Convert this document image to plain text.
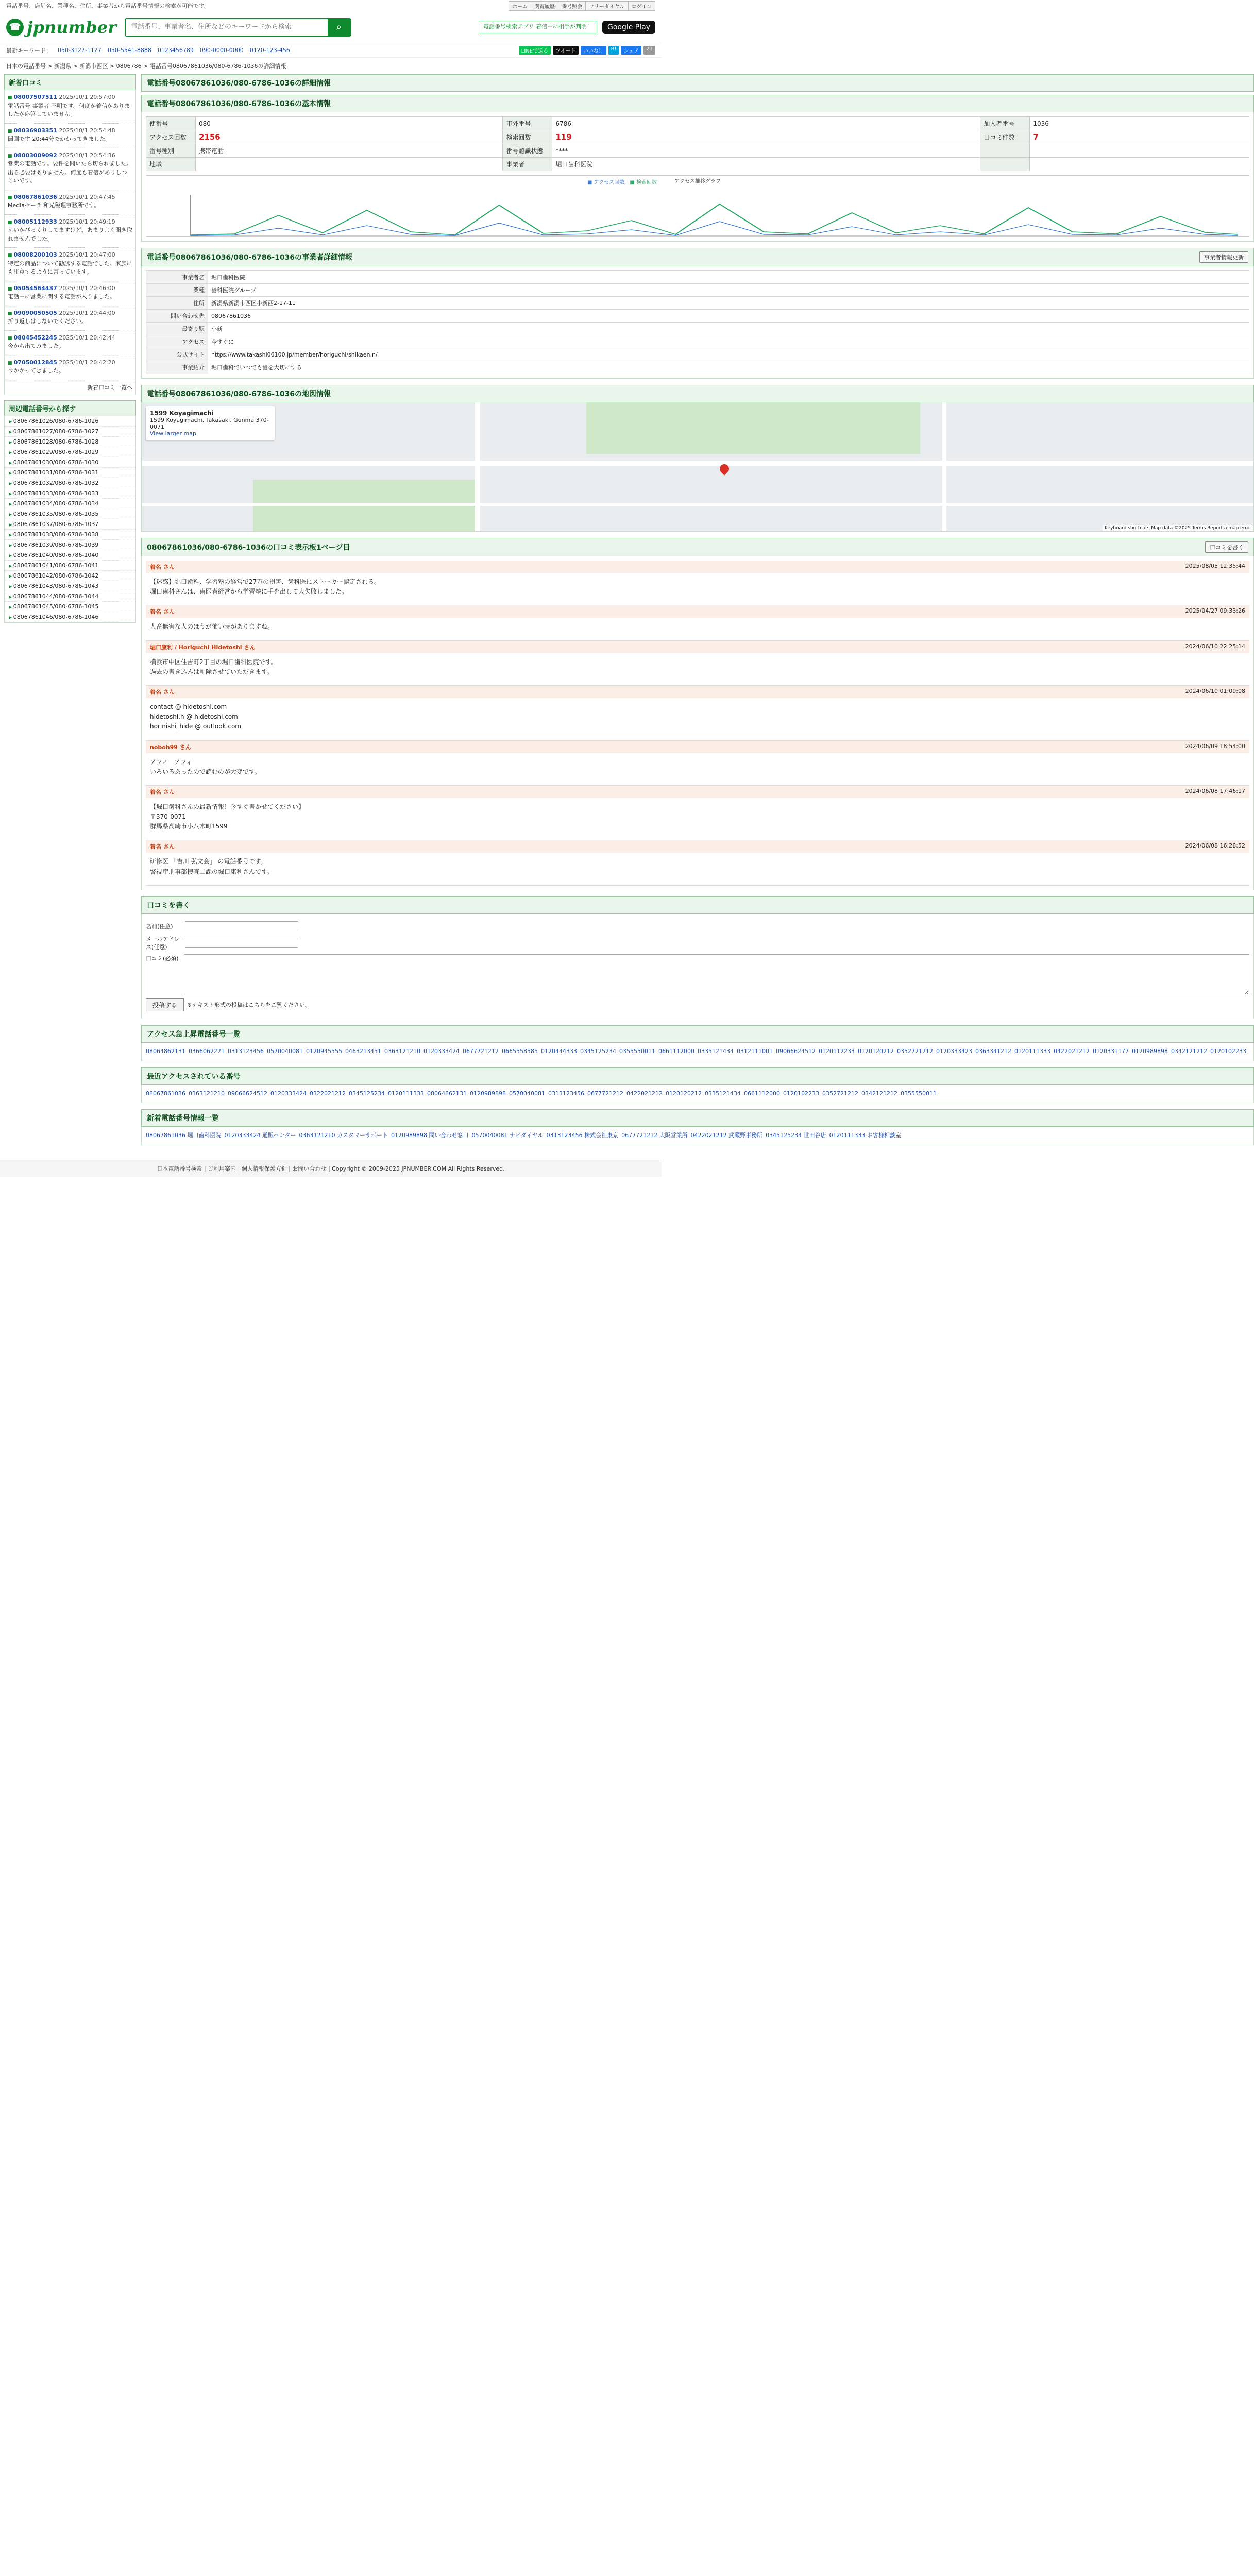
電話番号、店舗名、業種名、住所、事業者から電話番号情報の検索が可能です。	ホーム	閲覧履歴	番号照会	フリーダイヤル	ログイン
☎ jpnumber
電話番号、事業者名、住所などのキーワードから検索	⌕	電話番号検索アプリ 着信中に相手が判明！	Google Play
最新キーワード： 050-3127-1127 050-5541-8888 0123456789 090-0000-0000 0120-123-456	LINEで送る	ツイート	いいね！	B!	シェア	21
日本の電話番号 > 新潟県 > 新潟市西区 > 0806786 > 電話番号08067861036/080-6786-1036の詳細情報
新着口コミ
■ 08007507511 2025/10/1 20:57:00
電話番号 事業者 不明です。何度か着信がありましたが応答していません。
■ 08036903351 2025/10/1 20:54:48
闇回です 20:44分でかかってきました。
■ 08003009092 2025/10/1 20:54:36
営業の電話です。要件を聞いたら切られました。出る必要はありません。何度も着信がありしつこいです。
■ 08067861036 2025/10/1 20:47:45
Mediaセーラ 和光税理事務所です。
■ 08005112933 2025/10/1 20:49:19
えいかびっくりしてますけど、あまりよく聞き取れませんでした。
■ 08008200103 2025/10/1 20:47:00
特定の商品について勧誘する電話でした。家族にも注意するように言っています。
■ 05054564437 2025/10/1 20:46:00
電話中に営業に関する電話が入りました。
■ 09090050505 2025/10/1 20:44:00
折り返しはしないでください。
■ 08045452245 2025/10/1 20:42:44
今から出てみました。
■ 07050012845 2025/10/1 20:42:20
今かかってきました。
新着口コミ一覧へ
周辺電話番号から探す
▶ 08067861026/080-6786-1026
▶ 08067861027/080-6786-1027
▶ 08067861028/080-6786-1028
▶ 08067861029/080-6786-1029
▶ 08067861030/080-6786-1030
▶ 08067861031/080-6786-1031
▶ 08067861032/080-6786-1032
▶ 08067861033/080-6786-1033
▶ 08067861034/080-6786-1034
▶ 08067861035/080-6786-1035
▶ 08067861037/080-6786-1037
▶ 08067861038/080-6786-1038
▶ 08067861039/080-6786-1039
▶ 08067861040/080-6786-1040
▶ 08067861041/080-6786-1041
▶ 08067861042/080-6786-1042
▶ 08067861043/080-6786-1043
▶ 08067861044/080-6786-1044
▶ 08067861045/080-6786-1045
▶ 08067861046/080-6786-1046
電話番号08067861036/080-6786-1036の詳細情報
電話番号08067861036/080-6786-1036の基本情報
使番号	080	市外番号	6786	加入者番号	1036
アクセス回数	2156	検索回数	119	口コミ件数	7
番号種別	携帯電話	番号認識状態	****		
地域		事業者	堀口歯科医院		
アクセス推移グラフ
■ アクセス回数	■ 検索回数
電話番号08067861036/080-6786-1036の事業者詳細情報	事業者情報更新
事業者名	堀口歯科医院
業種	歯科医院グループ
住所	新潟県新潟市西区小新西2-17-11
問い合わせ先	08067861036
最寄り駅	小新
アクセス	今すぐに
公式サイト	https://www.takashi06100.jp/member/horiguchi/shikaen.n/
事業紹介	堀口歯科でいつでも歯を大切にする
電話番号08067861036/080-6786-1036の地図情報
1599 Koyagimachi
1599 Koyagimachi, Takasaki, Gunma 370-0071
View larger map
Keyboard shortcuts Map data ©2025 Terms Report a map error
08067861036/080-6786-1036の口コミ表示板1ページ目	口コミを書く
着名 さん	2025/08/05 12:35:44
【迷惑】堀口歯科、学習塾の経営で27万の損害、歯科医にストーカー認定される。
堀口歯科さんは、歯医者経営から学習塾に手を出して大失敗しました。
着名 さん	2025/04/27 09:33:26
人畜無害な人のほうが怖い時がありますね。
堀口康利 / Horiguchi Hidetoshi さん	2024/06/10 22:25:14
横浜市中区住吉町2丁目の堀口歯科医院です。
過去の書き込みは削除させていただきます。
着名 さん	2024/06/10 01:09:08
contact @ hidetoshi.com
hidetoshi.h @ hidetoshi.com
horinishi_hide @ outlook.com
noboh99 さん	2024/06/09 18:54:00
アフィ　アフィ
いろいろあったので読むのが大変です。
着名 さん	2024/06/08 17:46:17
【堀口歯科さんの最新情報！今すぐ書かせてください】
〒370-0071
群馬県高崎市小八木町1599
着名 さん	2024/06/08 16:28:52
研修医 「吉川 弘文会」 の電話番号です。
警視庁刑事部捜査二課の堀口康利さんです。
口コミを書く
名前(任意)
メールアドレス(任意)
口コミ(必須)
投稿する	※テキスト形式の投稿はこちらをご覧ください。
アクセス急上昇電話番号一覧
08064862131 0366062221 0313123456 0570040081 0120945555 0463213451 0363121210 0120333424 0677721212 0665558585 0120444333 0345125234 0355550011 0661112000 0335121434 0312111001 09066624512 0120112233 0120120212 0352721212 0120333423 0363341212 0120111333 0422021212 0120331177 0120989898 0342121212 0120102233
最近アクセスされている番号
08067861036 0363121210 09066624512 0120333424 0322021212 0345125234 0120111333 08064862131 0120989898 0570040081 0313123456 0677721212 0422021212 0120120212 0335121434 0661112000 0120102233 0352721212 0342121212 0355550011
新着電話番号情報一覧
08067861036 堀口歯科医院 0120333424 通販センター 0363121210 カスタマーサポート 0120989898 問い合わせ窓口 0570040081 ナビダイヤル 0313123456 株式会社東京 0677721212 大阪営業所 0422021212 武蔵野事務所 0345125234 世田谷店 0120111333 お客様相談室
日本電話番号検索 | ご利用案内 | 個人情報保護方針 | お問い合わせ | Copyright © 2009-2025 JPNUMBER.COM All Rights Reserved.
